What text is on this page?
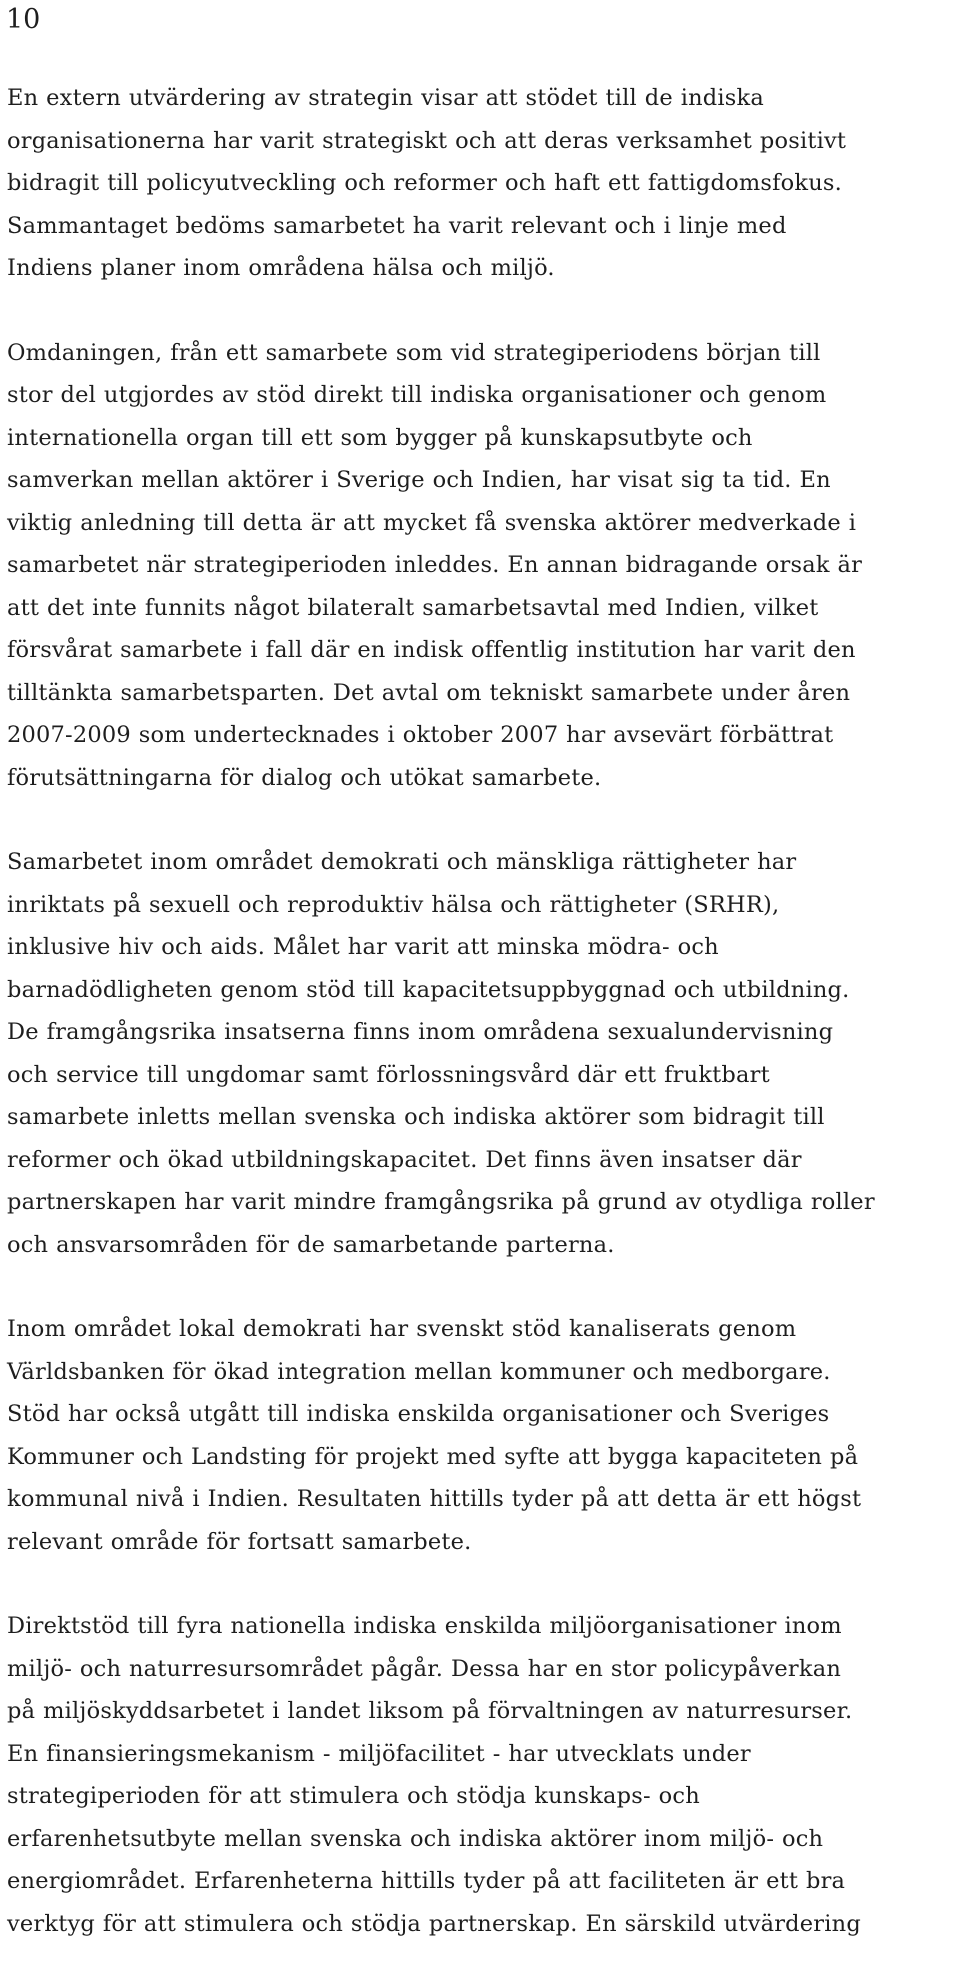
10

En extern utvärdering av strategin visar att stödet till de indiska
organisationerna har varit strategiskt och att deras verksamhet positivt
bidragit till policyutveckling och reformer och haft ett fattigdomsfokus.
Sammantaget bedöms samarbetet ha varit relevant och i linje med
Indiens planer inom områdena hälsa och miljö.

Omdaningen, från ett samarbete som vid strategiperiodens början till
stor del utgjordes av stöd direkt till indiska organisationer och genom
internationella organ till ett som bygger på kunskapsutbyte och
samverkan mellan aktörer i Sverige och Indien, har visat sig ta tid. En
viktig anledning till detta är att mycket få svenska aktörer medverkade i
samarbetet när strategiperioden inleddes. En annan bidragande orsak är
att det inte funnits något bilateralt samarbetsavtal med Indien, vilket
försvårat samarbete i fall där en indisk offentlig institution har varit den
tilltänkta samarbetsparten. Det avtal om tekniskt samarbete under åren
2007-2009 som undertecknades i oktober 2007 har avsevärt förbättrat
förutsättningarna för dialog och utökat samarbete.

Samarbetet inom området demokrati och mänskliga rättigheter har
inriktats på sexuell och reproduktiv hälsa och rättigheter (SRHR),
inklusive hiv och aids. Målet har varit att minska mödra- och
barnadödligheten genom stöd till kapacitetsuppbyggnad och utbildning.
De framgångsrika insatserna finns inom områdena sexualundervisning
och service till ungdomar samt förlossningsvård där ett fruktbart
samarbete inletts mellan svenska och indiska aktörer som bidragit till
reformer och ökad utbildningskapacitet. Det finns även insatser där
partnerskapen har varit mindre framgångsrika på grund av otydliga roller
och ansvarsområden för de samarbetande parterna.

Inom området lokal demokrati har svenskt stöd kanaliserats genom
Världsbanken för ökad integration mellan kommuner och medborgare.
Stöd har också utgått till indiska enskilda organisationer och Sveriges
Kommuner och Landsting för projekt med syfte att bygga kapaciteten på
kommunal nivå i Indien. Resultaten hittills tyder på att detta är ett högst
relevant område för fortsatt samarbete.

Direktstöd till fyra nationella indiska enskilda miljöorganisationer inom
miljö- och naturresursområdet pågår. Dessa har en stor policypåverkan
på miljöskyddsarbetet i landet liksom på förvaltningen av naturresurser.
En finansieringsmekanism - miljöfacilitet - har utvecklats under
strategiperioden för att stimulera och stödja kunskaps- och
erfarenhetsutbyte mellan svenska och indiska aktörer inom miljö- och
energiområdet. Erfarenheterna hittills tyder på att faciliteten är ett bra
verktyg för att stimulera och stödja partnerskap. En särskild utvärdering
